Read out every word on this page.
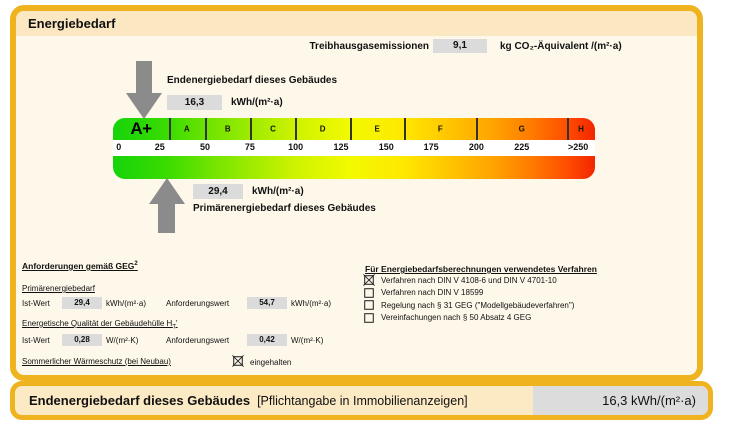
Energiebedarf
Treibhausgasemissionen	9,1	kg CO₂-Äquivalent /(m²·a)
Endenergiebedarf dieses Gebäudes
16,3	kWh/(m²·a)
A+	A	B	C	D	E	F	G	H
0	25	50	75	100	125	150	175	200	225	>250
29,4	kWh/(m²·a)
Primärenergiebedarf dieses Gebäudes
Anforderungen gemäß GEG$^2$
Primärenergiebedarf
Ist-Wert	29,4	kWh/(m²·a)	Anforderungswert	54,7	kWh/(m²·a)
Energetische Qualität der Gebäudehülle $H_T'$
Ist-Wert	0,28	W/(m²·K)	Anforderungswert	0,42	W/(m²·K)
Sommerlicher Wärmeschutz (bei Neubau)	eingehalten
Für Energiebedarfsberechnungen verwendetes Verfahren
Verfahren nach DIN V 4108-6 und DIN V 4701-10
Verfahren nach DIN V 18599
Regelung nach § 31 GEG ("Modellgebäudeverfahren")
Vereinfachungen nach § 50 Absatz 4 GEG
Endenergiebedarf dieses Gebäudes [Pflichtangabe in Immobilienanzeigen]	16,3 kWh/(m²·a)
